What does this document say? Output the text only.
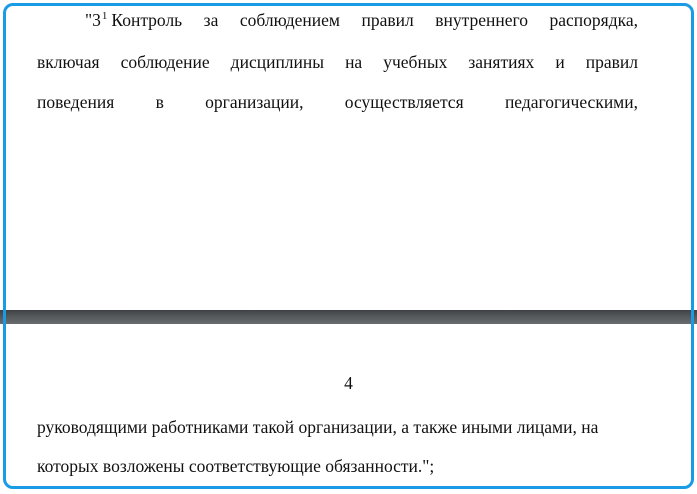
"31 Контроль за соблюдением правил внутреннего распорядка,
включая соблюдение дисциплины на учебных занятиях и правил
поведения в организации, осуществляется педагогическими,
4
руководящими работниками такой организации, а также иными лицами, на
которых возложены соответствующие обязанности.";
